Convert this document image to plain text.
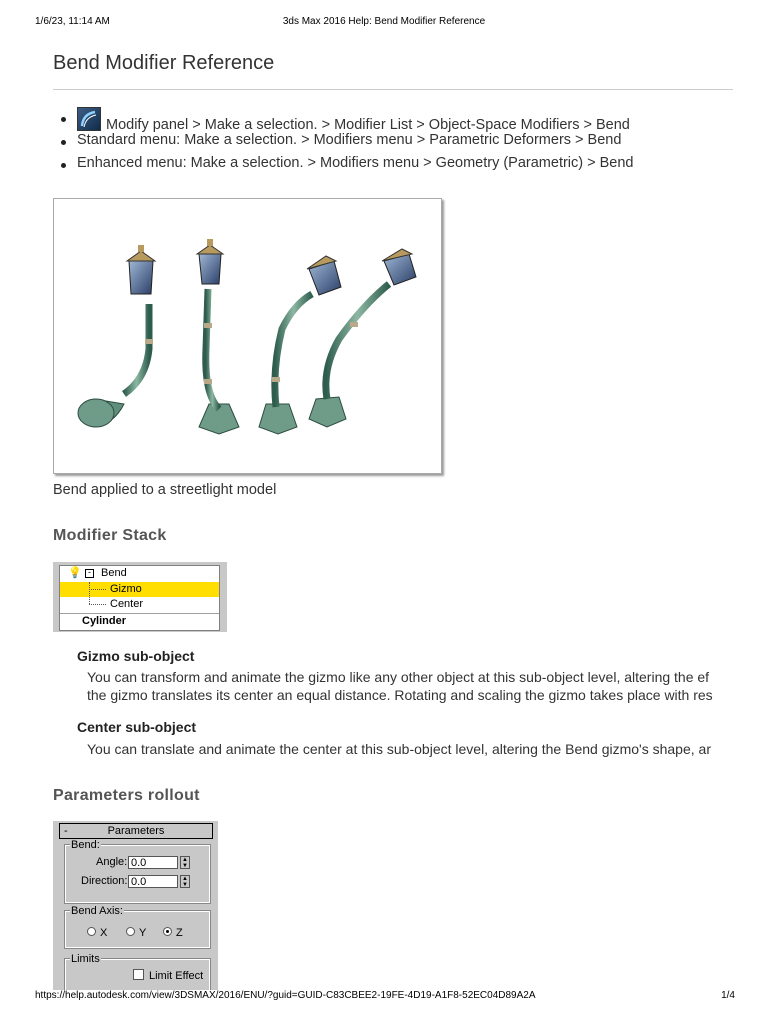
1/6/23, 11:14 AM	3ds Max 2016 Help: Bend Modifier Reference
Bend Modifier Reference
Modify panel > Make a selection. > Modifier List > Object-Space Modifiers > Bend
Standard menu: Make a selection. > Modifiers menu > Parametric Deformers > Bend
Enhanced menu: Make a selection. > Modifiers menu > Geometry (Parametric) > Bend
Bend applied to a streetlight model
Modifier Stack
💡 - Bend
Gizmo
Center
Cylinder
Gizmo sub-object
You can transform and animate the gizmo like any other object at this sub-object level, altering the ef
the gizmo translates its center an equal distance. Rotating and scaling the gizmo takes place with res
Center sub-object
You can translate and animate the center at this sub-object level, altering the Bend gizmo's shape, ar
Parameters rollout
-	Parameters
Bend:
Angle: 0.0	▲
▼
Direction: 0.0	▲
▼
Bend Axis:
X	Y	Z
Limits
Limit Effect
https://help.autodesk.com/view/3DSMAX/2016/ENU/?guid=GUID-C83CBEE2-19FE-4D19-A1F8-52EC04D89A2A	1/4
